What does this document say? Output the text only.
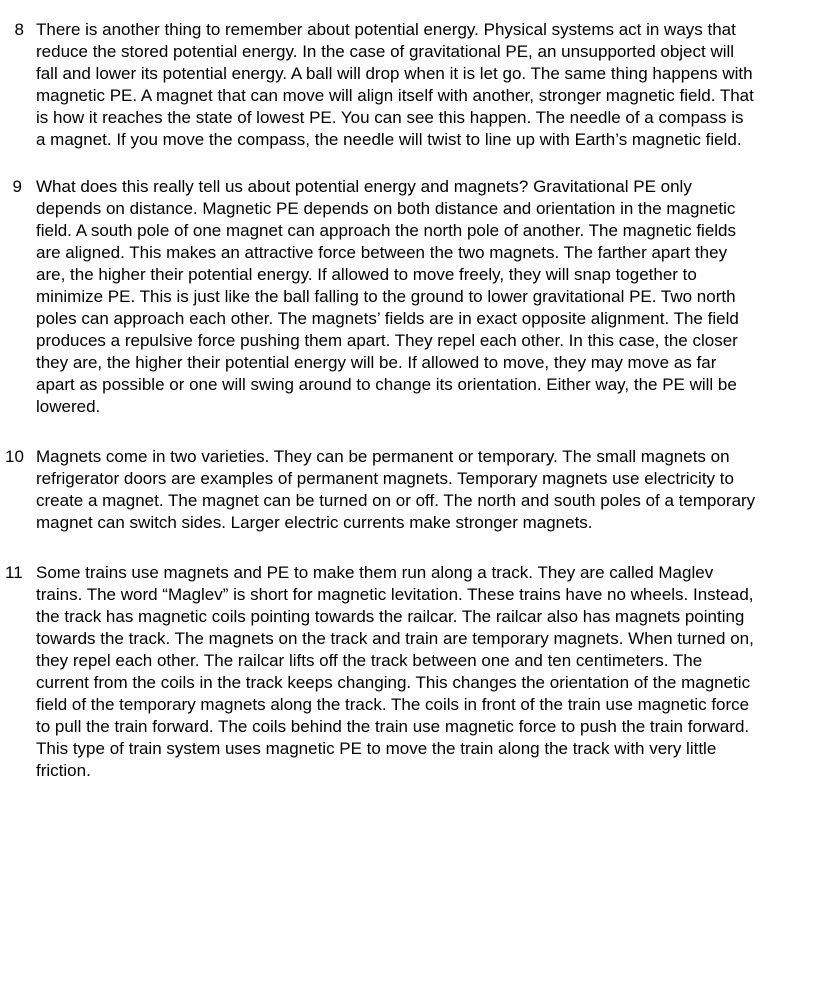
8 There is another thing to remember about potential energy. Physical systems act in ways that
reduce the stored potential energy. In the case of gravitational PE, an unsupported object will
fall and lower its potential energy. A ball will drop when it is let go. The same thing happens with
magnetic PE. A magnet that can move will align itself with another, stronger magnetic field. That
is how it reaches the state of lowest PE. You can see this happen. The needle of a compass is
a magnet. If you move the compass, the needle will twist to line up with Earth’s magnetic field.
9 What does this really tell us about potential energy and magnets? Gravitational PE only
depends on distance. Magnetic PE depends on both distance and orientation in the magnetic
field. A south pole of one magnet can approach the north pole of another. The magnetic fields
are aligned. This makes an attractive force between the two magnets. The farther apart they
are, the higher their potential energy. If allowed to move freely, they will snap together to
minimize PE. This is just like the ball falling to the ground to lower gravitational PE. Two north
poles can approach each other. The magnets’ fields are in exact opposite alignment. The field
produces a repulsive force pushing them apart. They repel each other. In this case, the closer
they are, the higher their potential energy will be. If allowed to move, they may move as far
apart as possible or one will swing around to change its orientation. Either way, the PE will be
lowered.
10 Magnets come in two varieties. They can be permanent or temporary. The small magnets on
refrigerator doors are examples of permanent magnets. Temporary magnets use electricity to
create a magnet. The magnet can be turned on or off. The north and south poles of a temporary
magnet can switch sides. Larger electric currents make stronger magnets.
11 Some trains use magnets and PE to make them run along a track. They are called Maglev
trains. The word “Maglev” is short for magnetic levitation. These trains have no wheels. Instead,
the track has magnetic coils pointing towards the railcar. The railcar also has magnets pointing
towards the track. The magnets on the track and train are temporary magnets. When turned on,
they repel each other. The railcar lifts off the track between one and ten centimeters. The
current from the coils in the track keeps changing. This changes the orientation of the magnetic
field of the temporary magnets along the track. The coils in front of the train use magnetic force
to pull the train forward. The coils behind the train use magnetic force to push the train forward.
This type of train system uses magnetic PE to move the train along the track with very little
friction.
